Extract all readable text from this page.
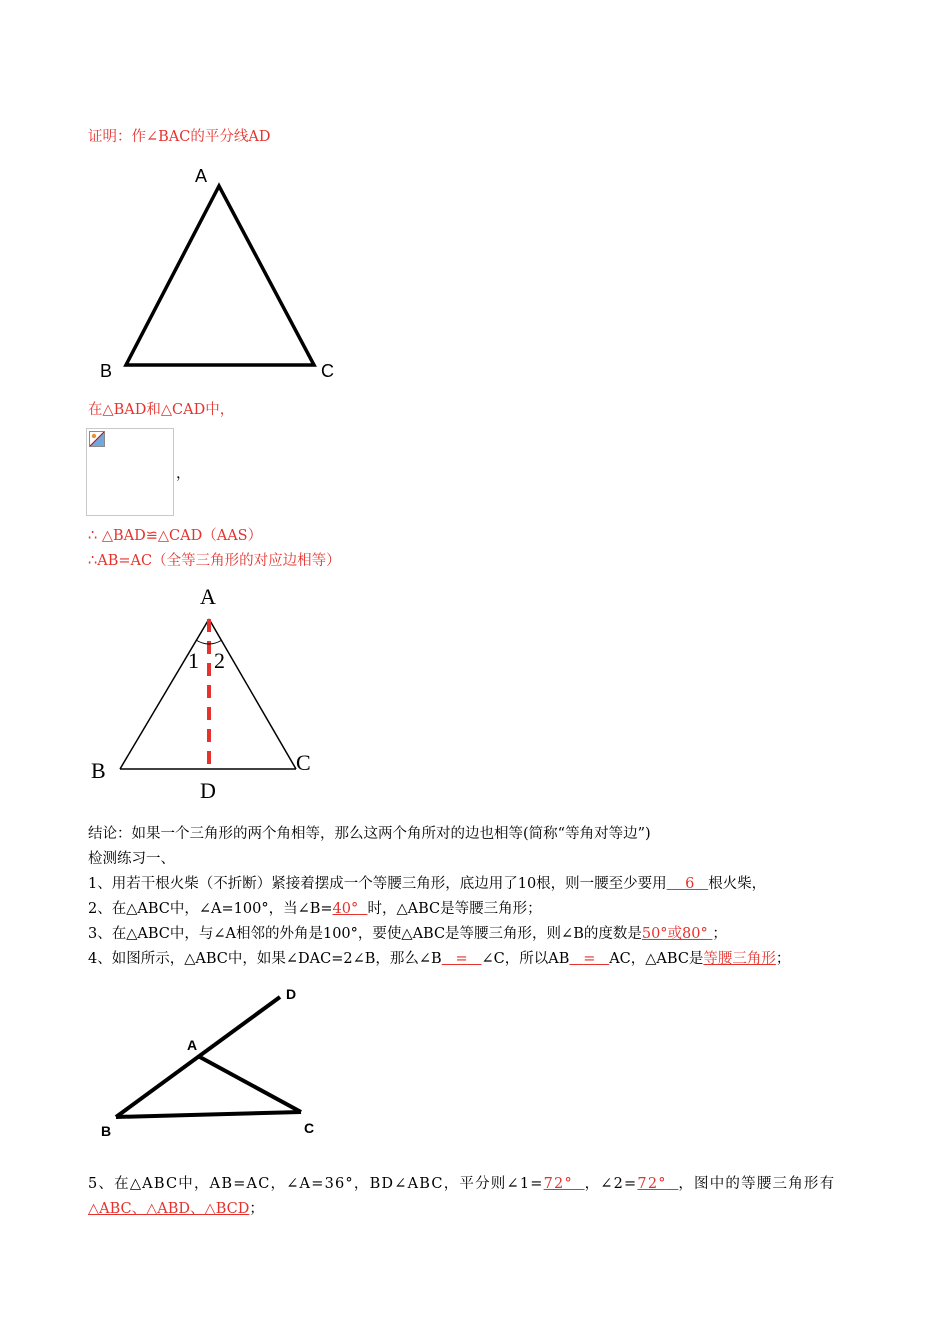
证明：作∠BAC的平分线AD
A
B	C
在△BAD和△CAD中，
，
∴ △BAD≌△CAD（AAS）
∴AB=AC（全等三角形的对应边相等）
A
1 2
B	C
D
结论：如果一个三角形的两个角相等，那么这两个角所对的边也相等(简称“等角对等边”)
检测练习一、
1、用若干根火柴（不折断）紧接着摆成一个等腰三角形，底边用了10根，则一腰至少要用 6 根火柴，
2、在△ABC中，∠A=100°，当∠B=40° 时，△ABC是等腰三角形；
3、在△ABC中，与∠A相邻的外角是100°，要使△ABC是等腰三角形，则∠B的度数是50°或80° ；
4、如图所示，△ABC中，如果∠DAC=2∠B，那么∠B = ∠C，所以AB = AC，△ABC是等腰三角形；
D
A
B	C
5、在△ABC中，AB=AC，∠A=36°，BD∠ABC，平分则∠1=72° ，∠2=72° ，图中的等腰三角形有
△ABC、△ABD、△BCD；
